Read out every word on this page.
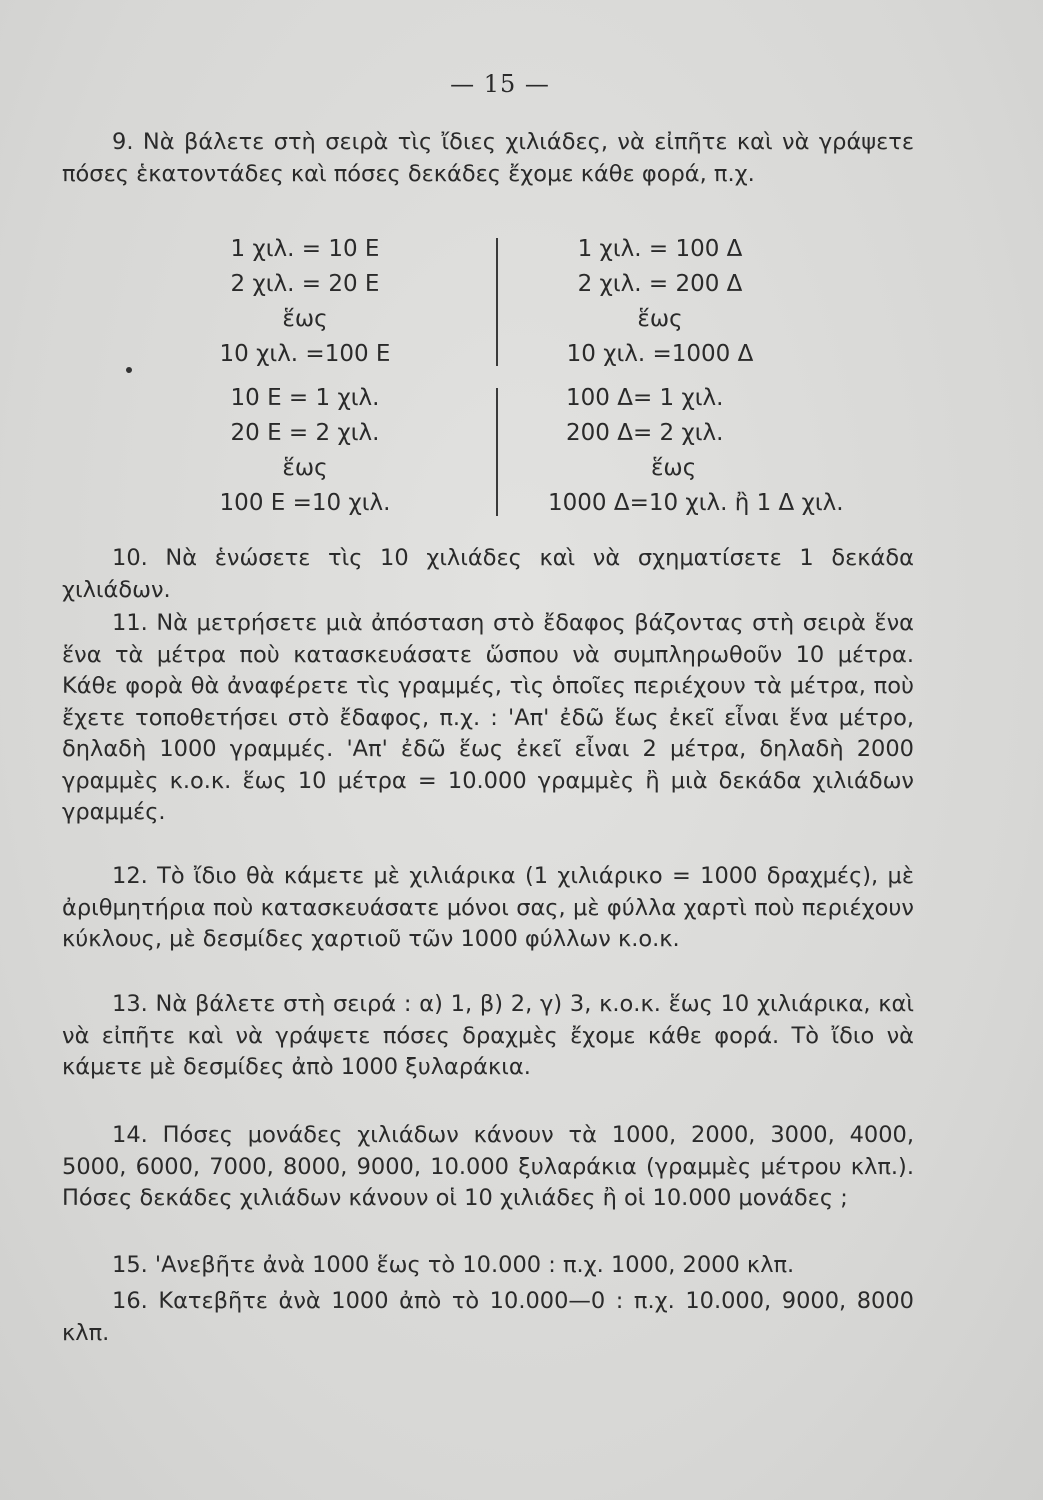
— 15 —

9. Νὰ βάλετε στὴ σειρὰ τὶς ἴδιες χιλιάδες, νὰ εἰπῆτε καὶ νὰ γράψετε πόσες ἑκατοντάδες καὶ πόσες δεκάδες ἔχομε κάθε φορά, π.χ.

1 χιλ. = 10 Ε
2 χιλ. = 20 Ε
ἕως
10 χιλ. =100 Ε
1 χιλ. = 100 Δ
2 χιλ. = 200 Δ
ἕως
10 χιλ. =1000 Δ
10 Ε = 1 χιλ.
20 Ε = 2 χιλ.
ἕως
100 Ε =10 χιλ.
100 Δ= 1 χιλ.
200 Δ= 2 χιλ.
ἕως
1000 Δ=10 χιλ. ἢ 1 Δ χιλ.

10. Νὰ ἑνώσετε τὶς 10 χιλιάδες καὶ νὰ σχηματίσετε 1 δεκάδα χιλιάδων.

11. Νὰ μετρήσετε μιὰ ἀπόσταση στὸ ἔδαφος βάζοντας στὴ σειρὰ ἕνα ἕνα τὰ μέτρα ποὺ κατασκευάσατε ὥσπου νὰ συμπληρωθοῦν 10 μέτρα. Κάθε φορὰ θὰ ἀναφέρετε τὶς γραμμές, τὶς ὁποῖες περιέχουν τὰ μέτρα, ποὺ ἔχετε τοποθετήσει στὸ ἔδαφος, π.χ. : 'Απ' ἐδῶ ἕως ἐκεῖ εἶναι ἕνα μέτρο, δηλαδὴ 1000 γραμμές. 'Απ' ἐδῶ ἕως ἐκεῖ εἶναι 2 μέτρα, δηλαδὴ 2000 γραμμὲς κ.ο.κ. ἕως 10 μέτρα = 10.000 γραμμὲς ἢ μιὰ δεκάδα χιλιάδων γραμμές.

12. Τὸ ἴδιο θὰ κάμετε μὲ χιλιάρικα (1 χιλιάρικο = 1000 δραχμές), μὲ ἀριθμητήρια ποὺ κατασκευάσατε μόνοι σας, μὲ φύλλα χαρτὶ ποὺ περιέχουν κύκλους, μὲ δεσμίδες χαρτιοῦ τῶν 1000 φύλλων κ.ο.κ.

13. Νὰ βάλετε στὴ σειρά : α) 1, β) 2, γ) 3, κ.ο.κ. ἕως 10 χιλιάρικα, καὶ νὰ εἰπῆτε καὶ νὰ γράψετε πόσες δραχμὲς ἔχομε κάθε φορά. Τὸ ἴδιο νὰ κάμετε μὲ δεσμίδες ἀπὸ 1000 ξυλαράκια.

14. Πόσες μονάδες χιλιάδων κάνουν τὰ 1000, 2000, 3000, 4000, 5000, 6000, 7000, 8000, 9000, 10.000 ξυλαράκια (γραμμὲς μέτρου κλπ.). Πόσες δεκάδες χιλιάδων κάνουν οἱ 10 χιλιάδες ἢ οἱ 10.000 μονάδες ;

15. 'Ανεβῆτε ἀνὰ 1000 ἕως τὸ 10.000 : π.χ. 1000, 2000 κλπ.

16. Κατεβῆτε ἀνὰ 1000 ἀπὸ τὸ 10.000—0 : π.χ. 10.000, 9000, 8000 κλπ.
